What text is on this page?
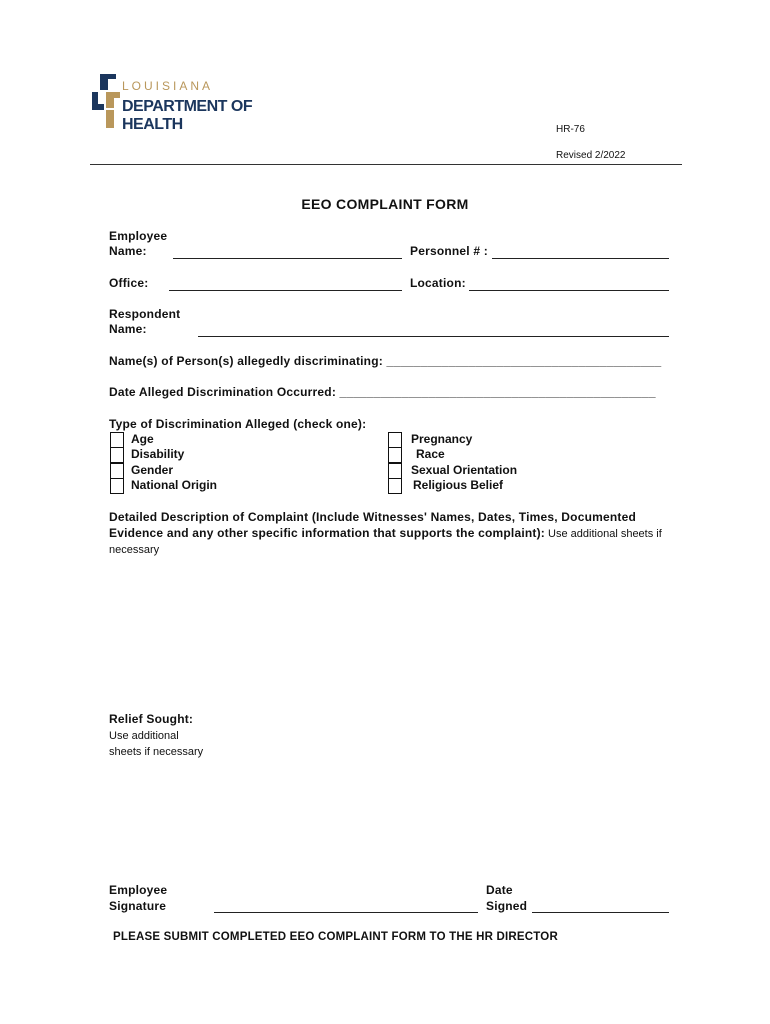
LOUISIANA
DEPARTMENT OF HEALTH	HR-76
Revised 2/2022
EEO COMPLAINT FORM
Employee
Name:	Personnel # :
Office:	Location:
Respondent
Name:
Name(s) of Person(s) allegedly discriminating: ________________________________________
Date Alleged Discrimination Occurred: ______________________________________________
Type of Discrimination Alleged (check one):
Age
Disability
Gender
National Origin
Pregnancy
Race
Sexual Orientation
Religious Belief
Detailed Description of Complaint (Include Witnesses' Names, Dates, Times, Documented
Evidence and any other specific information that supports the complaint): Use additional sheets if
necessary
Relief Sought:
Use additional
sheets if necessary
Employee
Signature
Date
Signed
PLEASE SUBMIT COMPLETED EEO COMPLAINT FORM TO THE HR DIRECTOR
